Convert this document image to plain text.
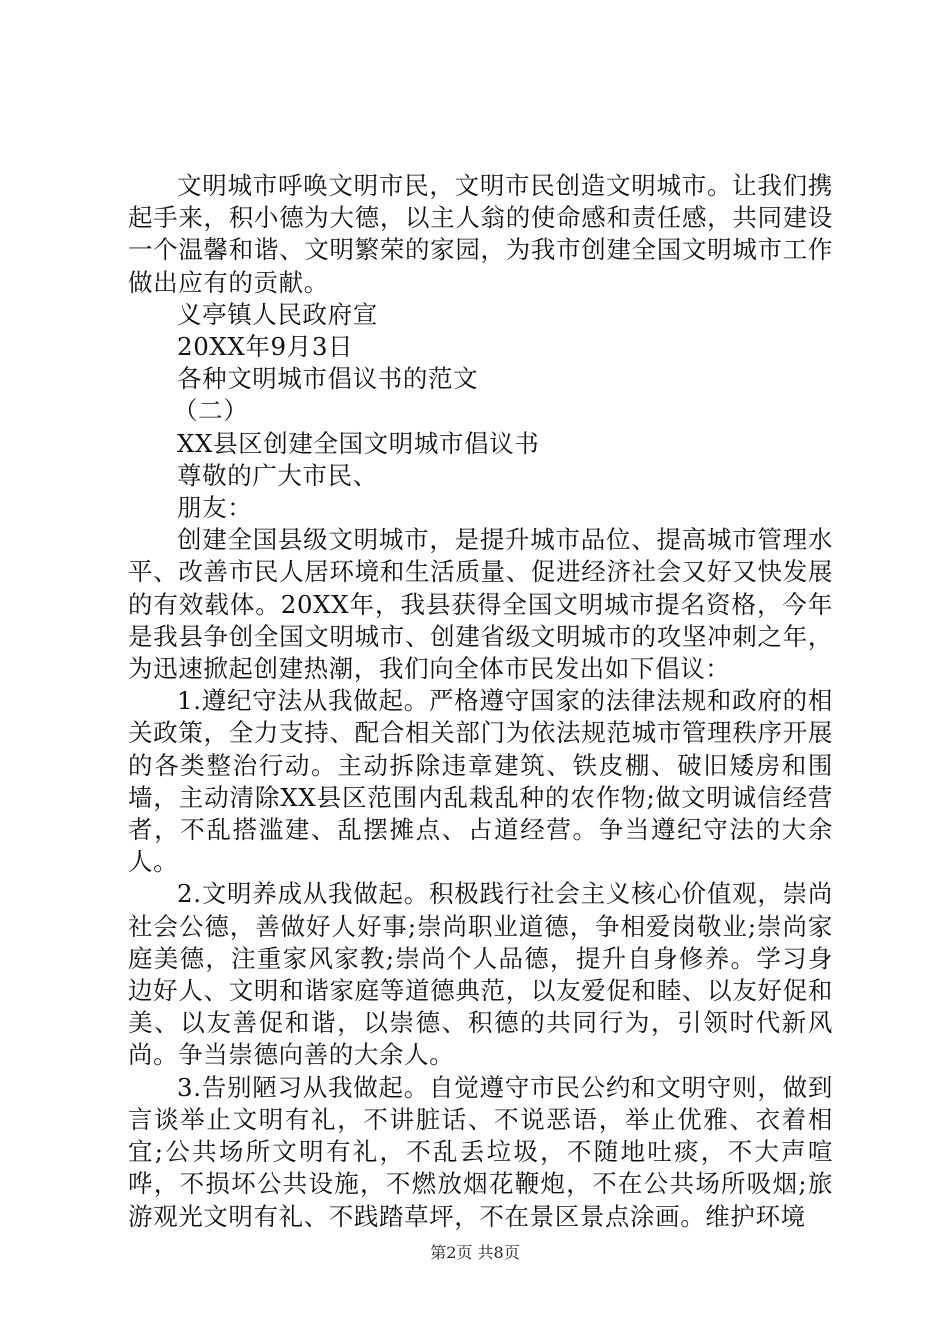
文明城市呼唤文明市民，文明市民创造文明城市。让我们携起手来，积小德为大德，以主人翁的使命感和责任感，共同建设一个温馨和谐、文明繁荣的家园，为我市创建全国文明城市工作做出应有的贡献。

义亭镇人民政府宣

20XX年9月3日

各种文明城市倡议书的范文

（二）

XX县区创建全国文明城市倡议书

尊敬的广大市民、

朋友：

创建全国县级文明城市，是提升城市品位、提高城市管理水平、改善市民人居环境和生活质量、促进经济社会又好又快发展的有效载体。20XX年，我县获得全国文明城市提名资格，今年是我县争创全国文明城市、创建省级文明城市的攻坚冲刺之年，为迅速掀起创建热潮，我们向全体市民发出如下倡议：

1.遵纪守法从我做起。严格遵守国家的法律法规和政府的相关政策，全力支持、配合相关部门为依法规范城市管理秩序开展的各类整治行动。主动拆除违章建筑、铁皮棚、破旧矮房和围墙，主动清除XX县区范围内乱栽乱种的农作物;做文明诚信经营者，不乱搭滥建、乱摆摊点、占道经营。争当遵纪守法的大余人。

2.文明养成从我做起。积极践行社会主义核心价值观，崇尚社会公德，善做好人好事;崇尚职业道德，争相爱岗敬业;崇尚家庭美德，注重家风家教;崇尚个人品德，提升自身修养。学习身边好人、文明和谐家庭等道德典范，以友爱促和睦、以友好促和美、以友善促和谐，以崇德、积德的共同行为，引领时代新风尚。争当崇德向善的大余人。

3.告别陋习从我做起。自觉遵守市民公约和文明守则，做到言谈举止文明有礼，不讲脏话、不说恶语，举止优雅、衣着相宜;公共场所文明有礼，不乱丢垃圾，不随地吐痰，不大声喧哗，不损坏公共设施，不燃放烟花鞭炮，不在公共场所吸烟;旅游观光文明有礼、不践踏草坪，不在景区景点涂画。维护环境

第2页 共8页
